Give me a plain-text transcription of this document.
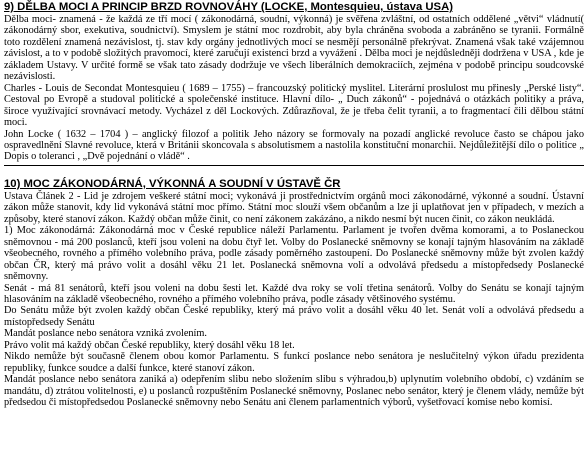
9) DĚLBA MOCI A PRINCIP BRZD ROVNOVÁHY (LOCKE, Montesquieu, ústava USA)

Dělba moci- znamená - že každá ze tří mocí ( zákonodárná, soudní, výkonná) je svěřena zvláštní, od ostatních oddělené „větvi“ vládnutí( zákonodárný sbor, exekutiva, soudnictví). Smyslem je státní moc rozdrobit, aby byla chráněna svoboda a zabráněno se tyranii. Formálně toto rozdělení znamená nezávislost, tj. stav kdy orgány jednotlivých mocí se nesmějí personálně překrývat. Znamená však také vzájemnou závislost, a to v podobě složitých pravomocí, které zaručují existenci brzd a vyvážení . Dělba moci je nejdůsledněji dodržena v USA , kde je základem Ustavy. V určité formě se však tato zásady dodržuje ve všech liberálních demokraciích, zejména v podobě principu soudcovské nezávislosti.

Charles - Louis de Secondat Montesquieu ( 1689 – 1755) – francouzský politický myslitel. Literární proslulost mu přinesly „Perské listy“. Cestoval po Evropě a studoval politické a společenské instituce. Hlavní dílo- „ Duch zákonů“ - pojednává o otázkách politiky a práva, široce využívající srovnávací metody. Vycházel z děl Lockových. Zdůrazňoval, že je třeba čelit tyranii, a to fragmentací čili dělbou státní moci.

John Locke ( 1632 – 1704 ) – anglický filozof a politik Jeho názory se formovaly na pozadí anglické revoluce často se chápou jako ospravedlnění Slavné revoluce, která v Británii skoncovala s absolutismem a nastolila konstituční monarchii. Nejdůležitější dílo o politice „ Dopis o toleranci , „Dvě pojednání o vládě“ .

10) MOC ZÁKONODÁRNÁ, VÝKONNÁ A SOUDNÍ V ÚSTAVĚ ČR

Ustava Článek 2 - Lid je zdrojem veškeré státní moci; vykonává ji prostřednictvím orgánů moci zákonodárné, výkonné a soudní. Ústavní zákon může stanovit, kdy lid vykonává státní moc přímo. Státní moc slouží všem občanům a lze ji uplatňovat jen v případech, v mezích a způsoby, které stanoví zákon. Každý občan může činit, co není zákonem zakázáno, a nikdo nesmí být nucen činit, co zákon neukládá.

1) Moc zákonodárná: Zákonodárná moc v České republice náleží Parlamentu. Parlament je tvořen dvěma komorami, a to Poslaneckou sněmovnou - má 200 poslanců, kteří jsou voleni na dobu čtyř let. Volby do Poslanecké sněmovny se konají tajným hlasováním na základě všeobecného, rovného a přímého volebního práva, podle zásady poměrného zastoupení. Do Poslanecké sněmovny může být zvolen každý občan ČR, který má právo volit a dosáhl věku 21 let. Poslanecká sněmovna volí a odvolává předsedu a místopředsedy Poslanecké sněmovny.

Senát - má 81 senátorů, kteří jsou voleni na dobu šesti let. Každé dva roky se volí třetina senátorů. Volby do Senátu se konají tajným hlasováním na základě všeobecného, rovného a přímého volebního práva, podle zásady většinového systému.

Do Senátu může být zvolen každý občan České republiky, který má právo volit a dosáhl věku 40 let. Senát volí a odvolává předsedu a místopředsedy Senátu

Mandát poslance nebo senátora vzniká zvolením.

Právo volit má každý občan České republiky, který dosáhl věku 18 let.

Nikdo nemůže být současně členem obou komor Parlamentu. S funkcí poslance nebo senátora je neslučitelný výkon úřadu prezidenta republiky, funkce soudce a další funkce, které stanoví zákon.

Mandát poslance nebo senátora zaniká a) odepřením slibu nebo složením slibu s výhradou,b) uplynutím volebního období, c) vzdáním se mandátu, d) ztrátou volitelnosti, e) u poslanců rozpuštěním Poslanecké sněmovny, Poslanec nebo senátor, který je členem vlády, nemůže být předsedou či místopředsedou Poslanecké sněmovny nebo Senátu ani členem parlamentních výborů, vyšetřovací komise nebo komisí.
